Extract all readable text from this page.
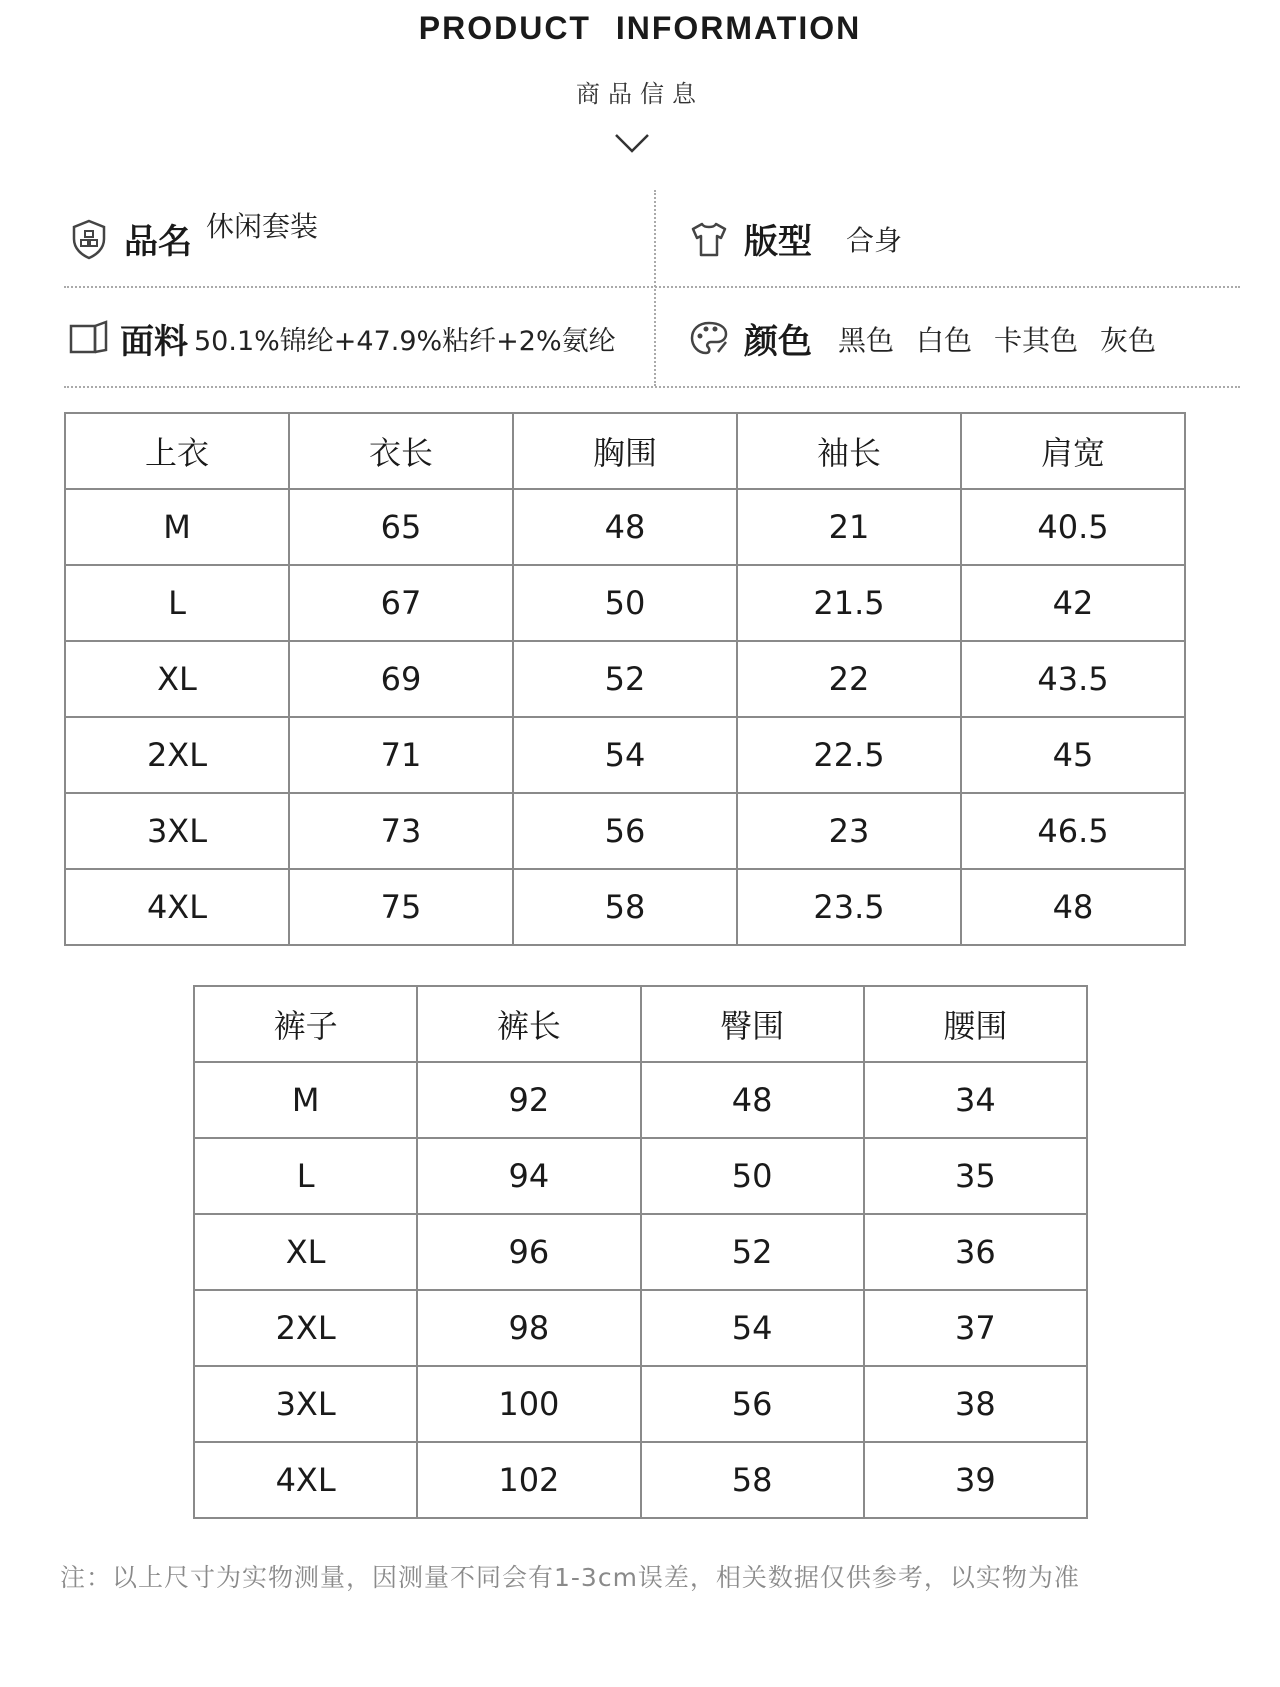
PRODUCT INFORMATION
商品信息
品名 休闲套装	版型 合身
面料 50.1%锦纶+47.9%粘纤+2%氨纶	颜色 黑色 白色 卡其色 灰色
上衣	衣长	胸围	袖长	肩宽
M	65	48	21	40.5
L	67	50	21.5	42
XL	69	52	22	43.5
2XL	71	54	22.5	45
3XL	73	56	23	46.5
4XL	75	58	23.5	48
裤子	裤长	臀围	腰围
M	92	48	34
L	94	50	35
XL	96	52	36
2XL	98	54	37
3XL	100	56	38
4XL	102	58	39
注：以上尺寸为实物测量，因测量不同会有1-3cm误差，相关数据仅供参考，以实物为准
